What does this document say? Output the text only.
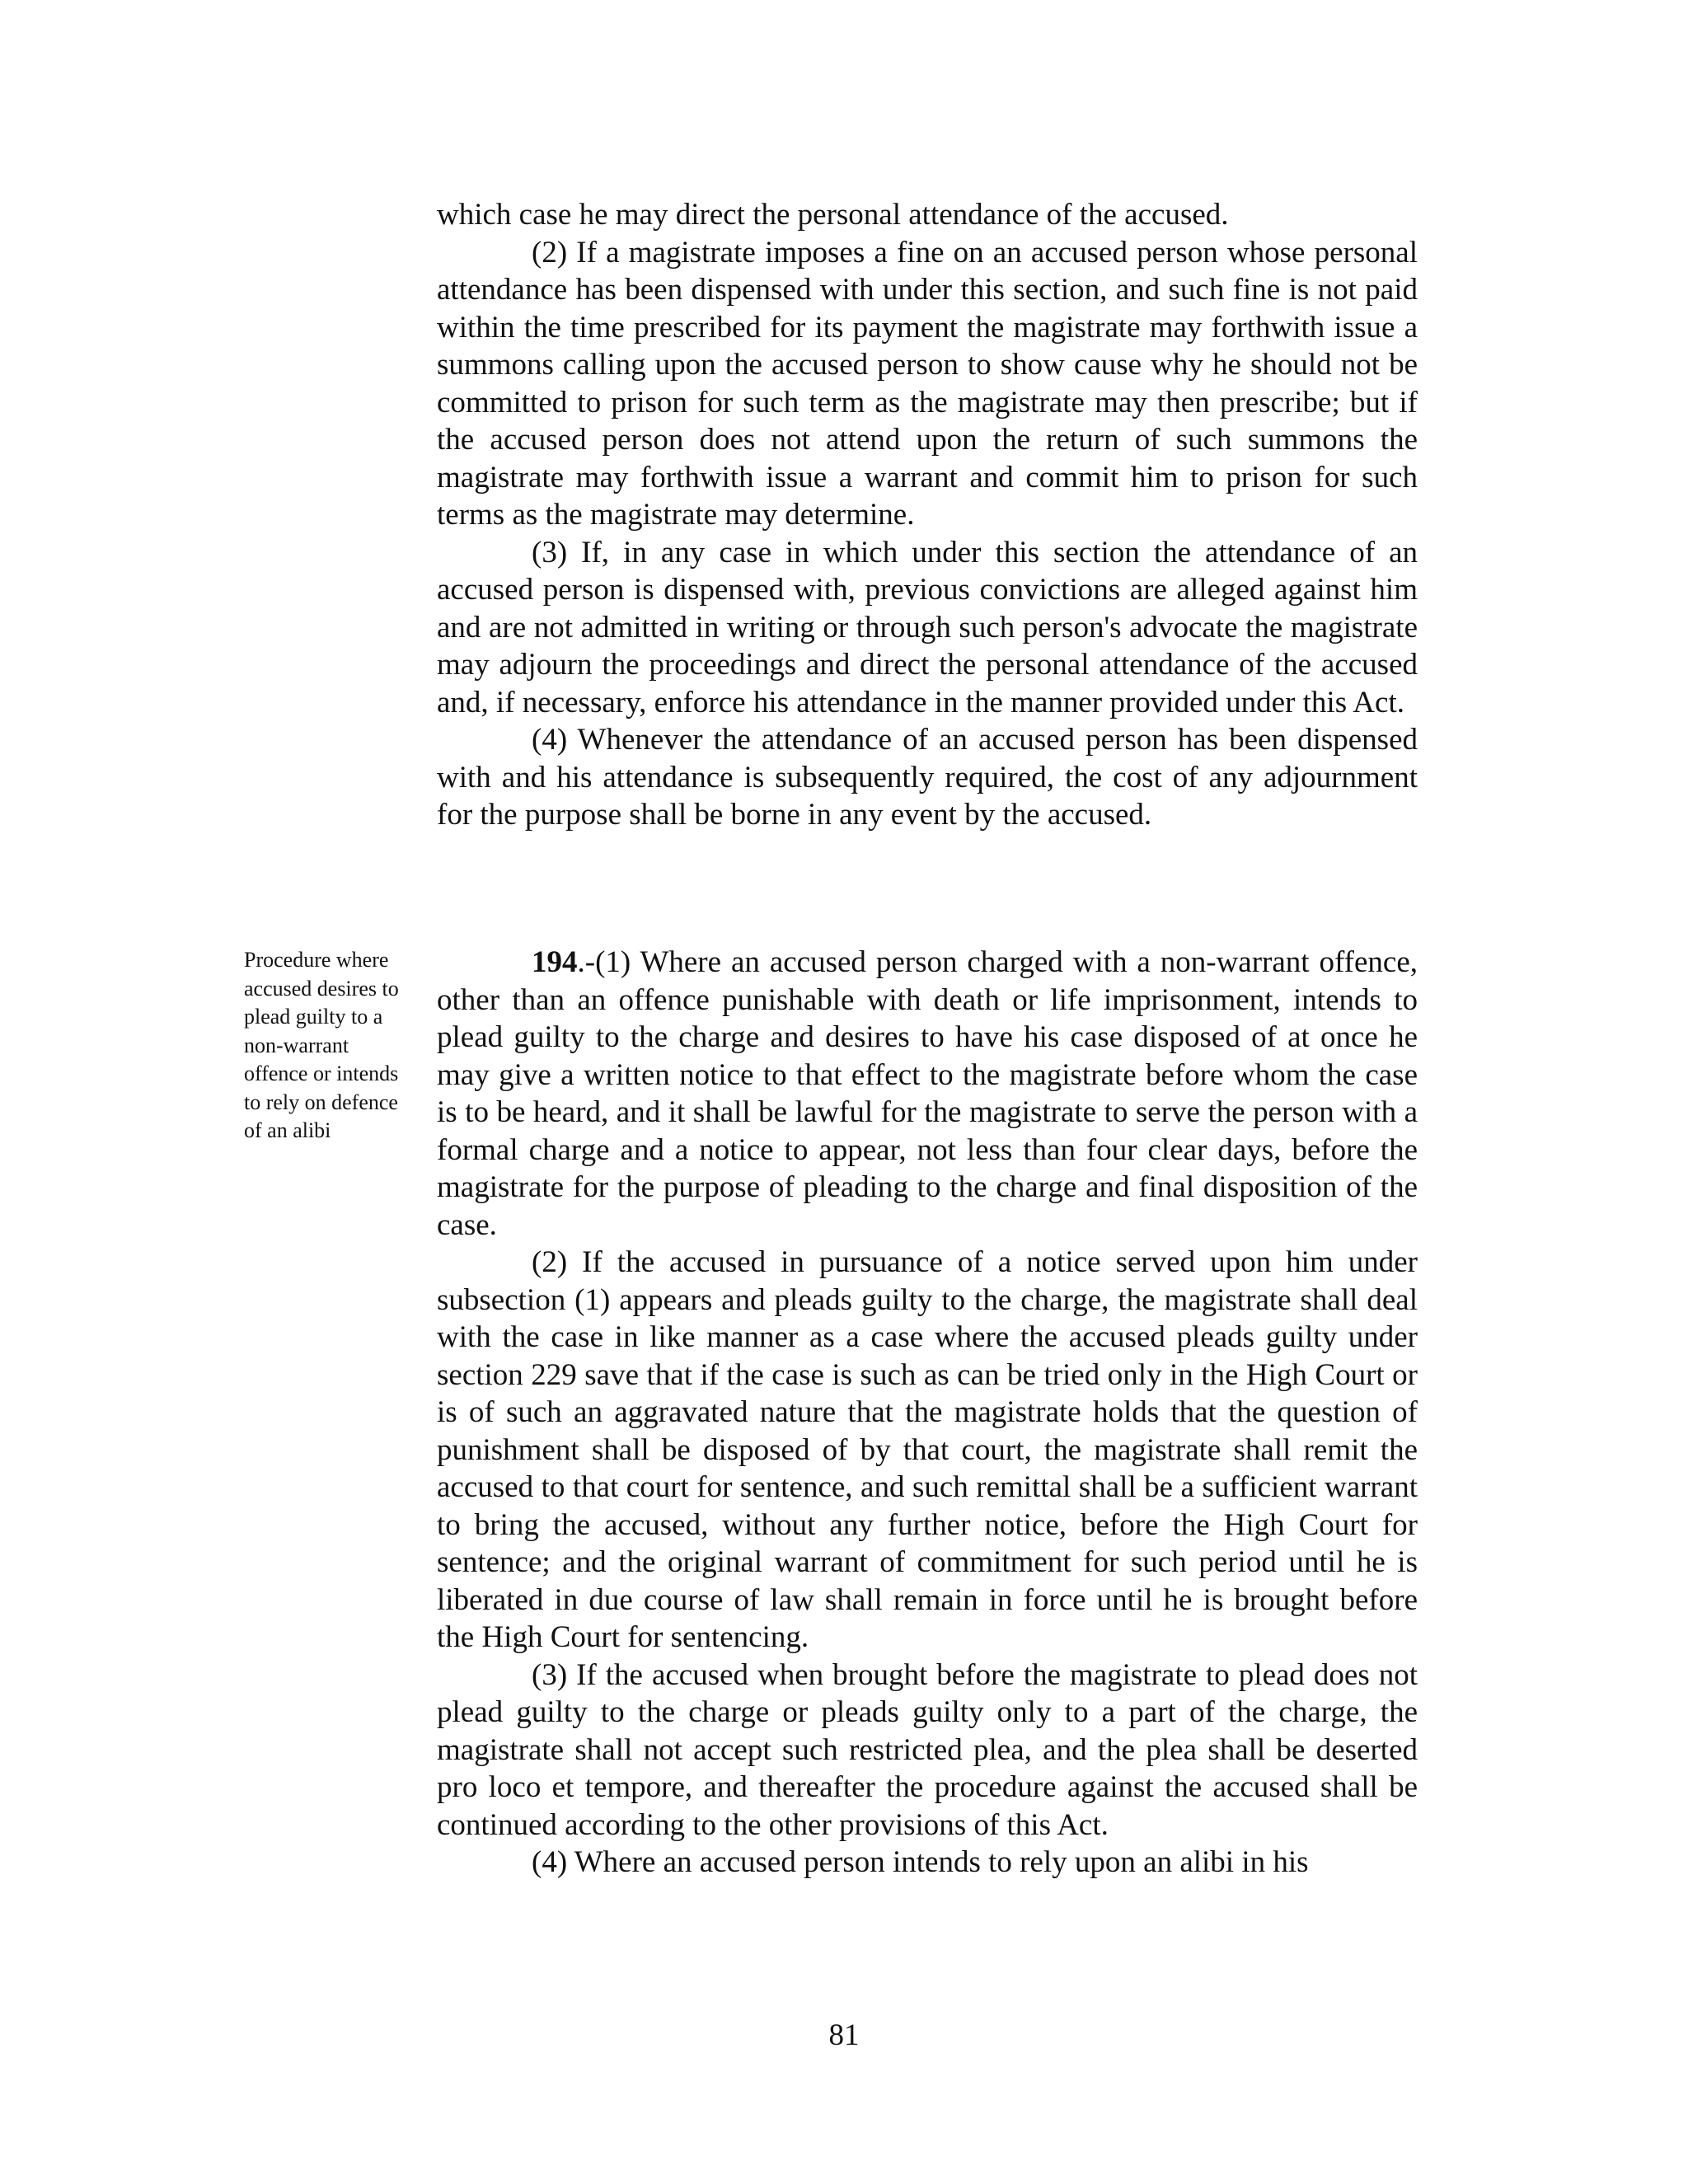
which case he may direct the personal attendance of the accused.

(2) If a magistrate imposes a fine on an accused person whose personal attendance has been dispensed with under this section, and such fine is not paid within the time prescribed for its payment the magistrate may forthwith issue a summons calling upon the accused person to show cause why he should not be committed to prison for such term as the magistrate may then prescribe; but if the accused person does not attend upon the return of such summons the magistrate may forthwith issue a warrant and commit him to prison for such terms as the magistrate may determine.

(3) If, in any case in which under this section the attendance of an accused person is dispensed with, previous convictions are alleged against him and are not admitted in writing or through such person's advocate the magistrate may adjourn the proceedings and direct the personal attendance of the accused and, if necessary, enforce his attendance in the manner provided under this Act.

(4) Whenever the attendance of an accused person has been dispensed with and his attendance is subsequently required, the cost of any adjournment for the purpose shall be borne in any event by the accused.

Procedure where accused desires to plead guilty to a non-warrant offence or intends to rely on defence of an alibi

194.-(1) Where an accused person charged with a non-warrant offence, other than an offence punishable with death or life imprisonment, intends to plead guilty to the charge and desires to have his case disposed of at once he may give a written notice to that effect to the magistrate before whom the case is to be heard, and it shall be lawful for the magistrate to serve the person with a formal charge and a notice to appear, not less than four clear days, before the magistrate for the purpose of pleading to the charge and final disposition of the case.

(2) If the accused in pursuance of a notice served upon him under subsection (1) appears and pleads guilty to the charge, the magistrate shall deal with the case in like manner as a case where the accused pleads guilty under section 229 save that if the case is such as can be tried only in the High Court or is of such an aggravated nature that the magistrate holds that the question of punishment shall be disposed of by that court, the magistrate shall remit the accused to that court for sentence, and such remittal shall be a sufficient warrant to bring the accused, without any further notice, before the High Court for sentence; and the original warrant of commitment for such period until he is liberated in due course of law shall remain in force until he is brought before the High Court for sentencing.

(3) If the accused when brought before the magistrate to plead does not plead guilty to the charge or pleads guilty only to a part of the charge, the magistrate shall not accept such restricted plea, and the plea shall be deserted pro loco et tempore, and thereafter the procedure against the accused shall be continued according to the other provisions of this Act.

(4) Where an accused person intends to rely upon an alibi in his

81
